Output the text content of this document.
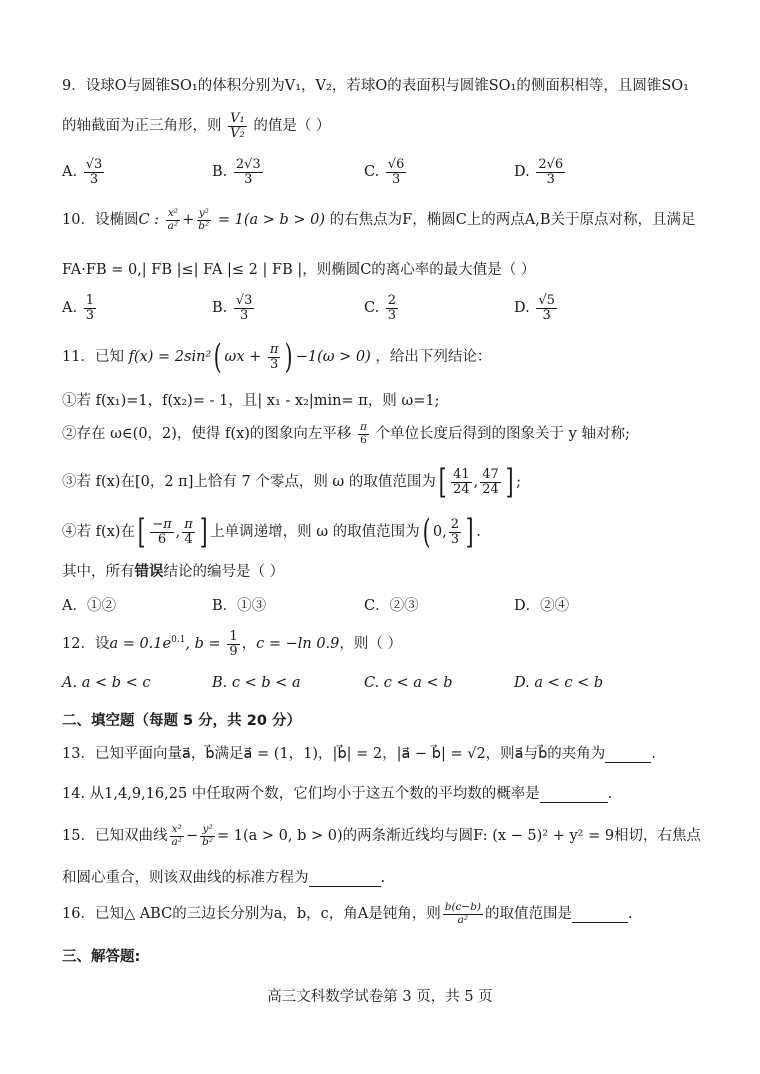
9．设球O与圆锥SO₁的体积分别为V₁，V₂，若球O的表面积与圆锥SO₁的侧面积相等，且圆锥SO₁
的轴截面为正三角形，则 $\frac{\text{V₁}}{\text{V₂}}$ 的值是（ ）
A. $\frac{√3}{3}$	B. $\frac{2√3}{3}$	C. $\frac{√6}{3}$	D. $\frac{2√6}{3}$
10．设椭圆C : $\frac{\text{x²}}{\text{a²}} + \frac{\text{y²}}{\text{b²}} = 1(a > b > 0)$ 的右焦点为F，椭圆C上的两点A,B关于原点对称，且满足
FA·FB = 0,| FB |≤| FA |≤ 2 | FB |，则椭圆C的离心率的最大值是（ ）
A. $\frac{1}{3}$	B. $\frac{√3}{3}$	C. $\frac{2}{3}$	D. $\frac{√5}{3}$
11．已知 f(x) = 2sin²( $\omega x + \frac{\pi}{3}$ ) −1(ω > 0) ，给出下列结论：
①若 f(x₁)=1，f(x₂)= - 1，且| x₁ - x₂|min= π，则 ω=1;
②存在 ω∈(0，2)，使得 f(x)的图象向左平移 $\frac{\pi}{6}$ 个单位长度后得到的图象关于 y 轴对称;
③若 f(x)在[0，2 π]上恰有 7 个零点，则 ω 的取值范围为[ $\frac{41}{24}$ , $\frac{47}{24}$ ] ;
④若 f(x)在[ $\frac{-\pi}{6}$ , $\frac{\pi}{4}$ ] 上单调递增，则 ω 的取值范围为( 0, $\frac{2}{3}$ ] .
其中，所有错误结论的编号是（ ）
A．①②	B．①③	C．②③	D．②④
12．设$a = 0.1e^{0.1}$, $b = \frac{1}{9}$ ，c = −ln 0.9，则（ ）
A. a < b < c	B. c < b < a	C. c < a < b	D. a < c < b
二、填空题（每题 5 分，共 20 分）
13．已知平面向量a⃗，b⃗满足a⃗ = (1，1)，|b⃗| = 2，|a⃗ − b⃗| = √2，则a⃗与b⃗的夹角为	.
14. 从1,4,9,16,25 中任取两个数，它们均小于这五个数的平均数的概率是	.
15．已知双曲线 $\frac{\text{x²}}{\text{a²}} - \frac{\text{y²}}{\text{b²}} = 1(a > 0$, b > 0)的两条渐近线均与圆F: (x − 5)² + y² = 9相切，右焦点
和圆心重合，则该双曲线的标准方程为	.
16．已知△ ABC的三边长分别为a，b，c，角A是钝角，则 $\frac{b(c-b)}{\text{a²}}$ 的取值范围是	.
三、解答题:
高三文科数学试卷第 3 页，共 5 页
